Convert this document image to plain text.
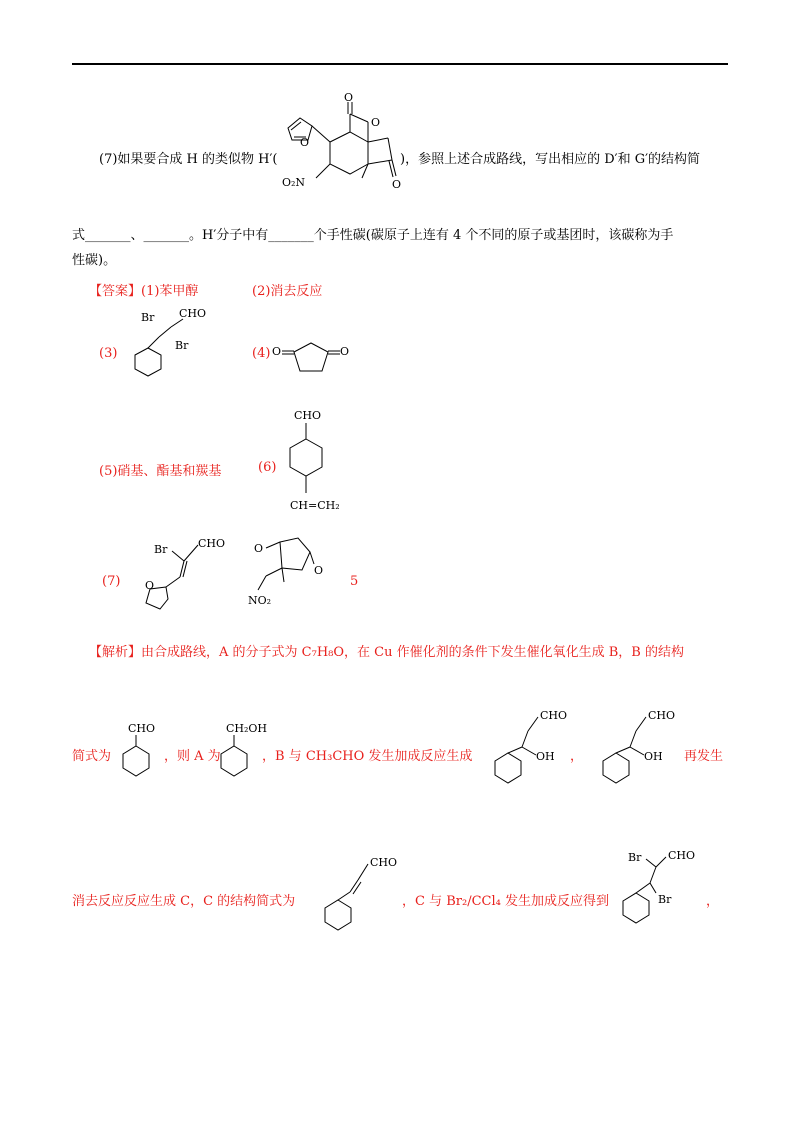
(7)如果要合成 H 的类似物 H′(	)，参照上述合成路线，写出相应的 D′和 G′的结构简
O
O
O
O
O₂N
式_______、_______。H′分子中有_______个手性碳(碳原子上连有 4 个不同的原子或基团时，该碳称为手
性碳)。
【答案】(1)苯甲醇	(2)消去反应
(3)
Br CHO
Br
(4) O	O
(5)硝基、酯基和羰基	(6)
CHO
CH=CH₂
(7)
Br	CHO
O
O
O
NO₂
5
【解析】由合成路线，A 的分子式为 C₇H₈O，在 Cu 作催化剂的条件下发生催化氧化生成 B，B 的结构
简式为
CHO
，则 A 为
CH₂OH
，B 与 CH₃CHO 发生加成反应生成
CHO
OH ，
CHO
OH 再发生
消去反应反应生成 C，C 的结构简式为
CHO
，C 与 Br₂/CCl₄ 发生加成反应得到
Br CHO
Br	，
